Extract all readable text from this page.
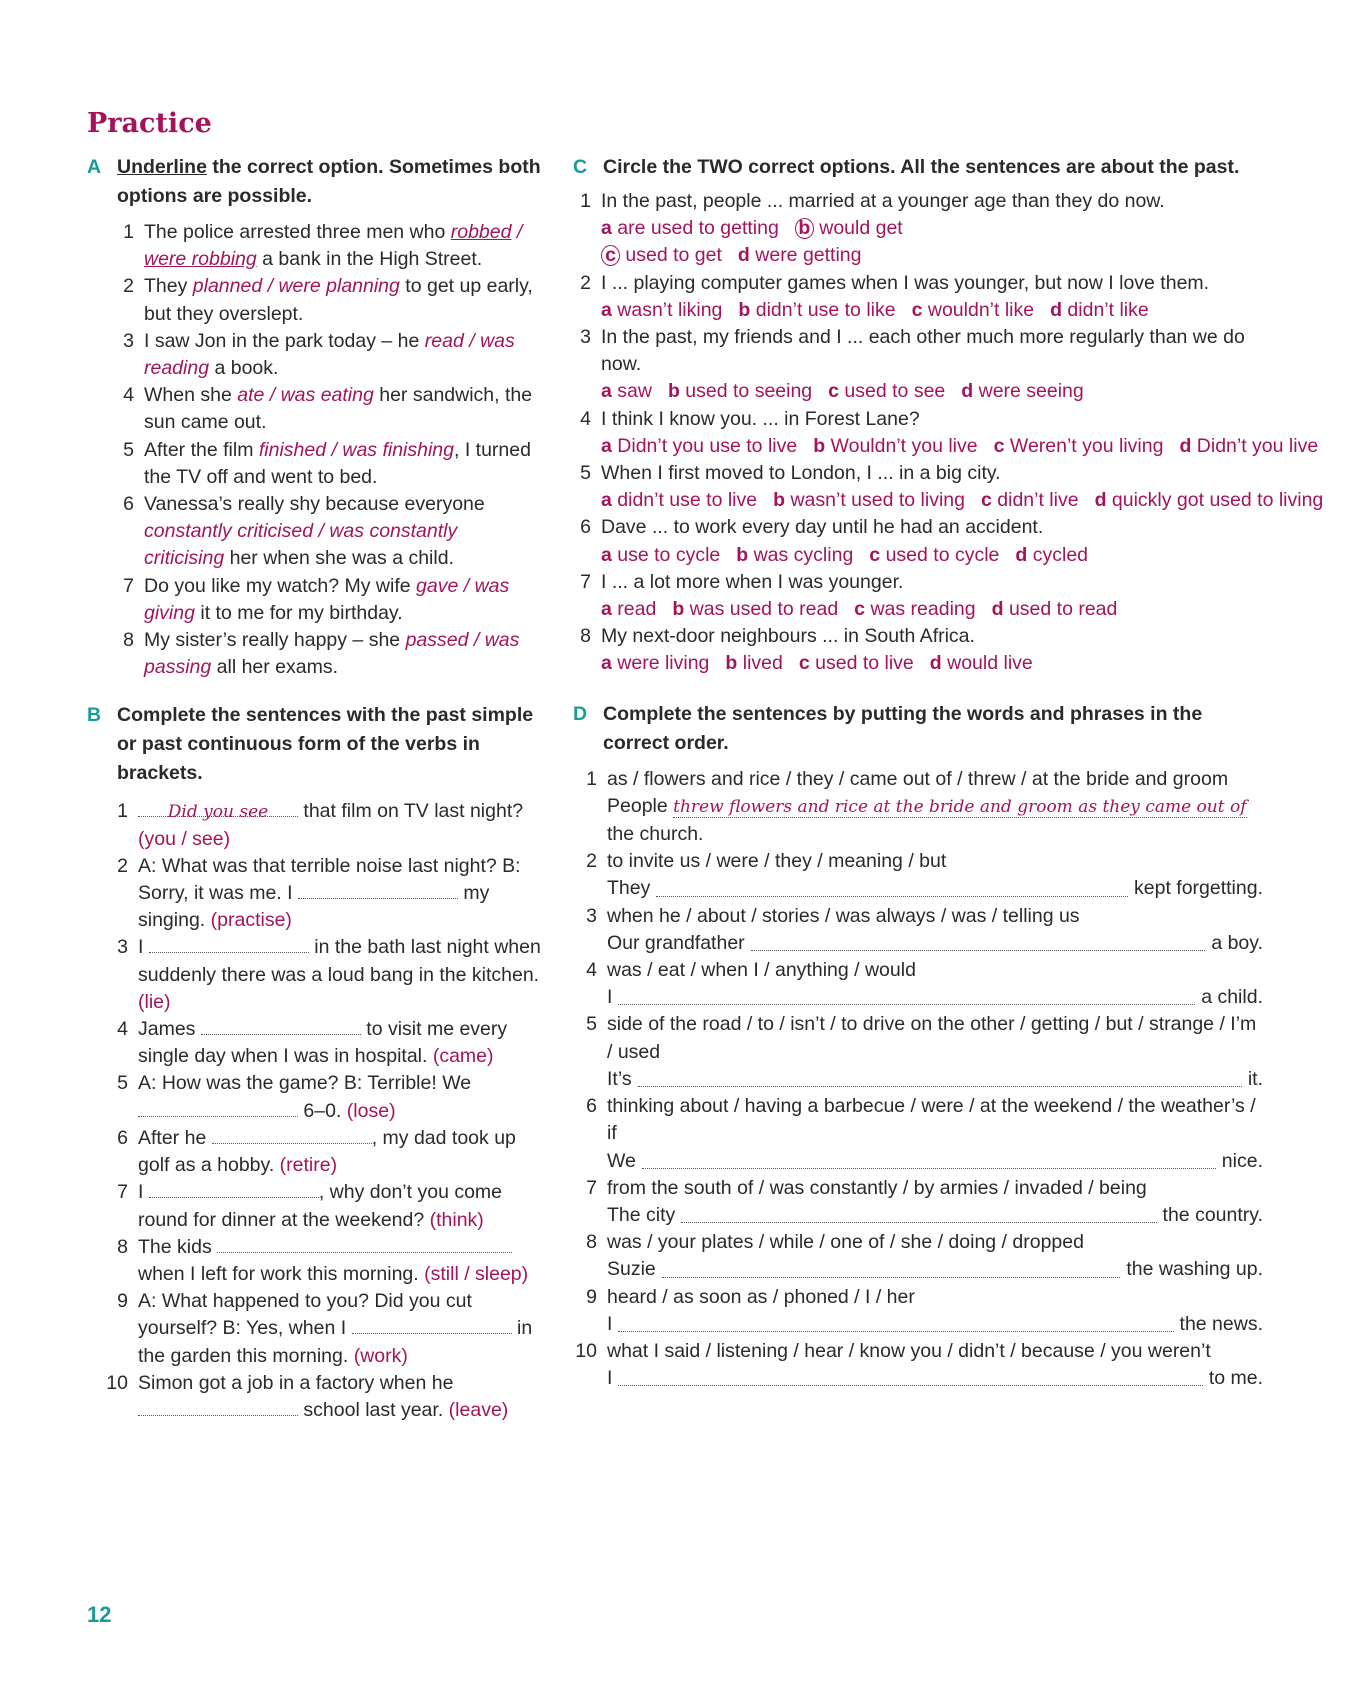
Practice
A Underline the correct option. Sometimes both options are possible.
1 The police arrested three men who robbed / were robbing a bank in the High Street.
2 They planned / were planning to get up early, but they overslept.
3 I saw Jon in the park today – he read / was reading a book.
4 When she ate / was eating her sandwich, the sun came out.
5 After the film finished / was finishing, I turned the TV off and went to bed.
6 Vanessa’s really shy because everyone constantly criticised / was constantly criticising her when she was a child.
7 Do you like my watch? My wife gave / was giving it to me for my birthday.
8 My sister’s really happy – she passed / was passing all her exams.
B Complete the sentences with the past simple or past continuous form of the verbs in brackets.
1	Did you see that film on TV last night? (you / see)
2 A: What was that terrible noise last night? B: Sorry, it was me. I	my singing. (practise)
3 I	in the bath last night when suddenly there was a loud bang in the kitchen. (lie)
4 James	to visit me every single day when I was in hospital. (came)
5 A: How was the game? B: Terrible! We  6–0. (lose)
6 After he	, my dad took up golf as a hobby. (retire)
7 I	, why don’t you come round for dinner at the weekend? (think)
8 The kids  when I left for work this morning. (still / sleep)
9 A: What happened to you? Did you cut yourself? B: Yes, when I	in the garden this morning. (work)
10 Simon got a job in a factory when he  school last year. (leave)
C Circle the TWO correct options. All the sentences are about the past.
1 In the past, people ... married at a younger age than they do now.
a are used to getting b would getc used to get d were getting
2 I ... playing computer games when I was younger, but now I love them.
a wasn’t liking b didn’t use to like c wouldn’t like d didn’t like
3 In the past, my friends and I ... each other much more regularly than we do now.
a saw b used to seeing c used to see d were seeing
4 I think I know you. ... in Forest Lane?
a Didn’t you use to live b Wouldn’t you live c Weren’t you living d Didn’t you live
5 When I first moved to London, I ... in a big city.
a didn’t use to live b wasn’t used to living c didn’t live d quickly got used to living
6 Dave ... to work every day until he had an accident.
a use to cycle b was cycling c used to cycle d cycled
7 I ... a lot more when I was younger.
a read b was used to read c was reading d used to read
8 My next-door neighbours ... in South Africa.
a were living b lived c used to live d would live
D Complete the sentences by putting the words and phrases in the correct order.
1 as / flowers and rice / they / came out of / threw / at the bride and groom
People threw flowers and rice at the bride and groom as they came out of
the church.
2 to invite us / were / they / meaning / but
They	kept forgetting.
3 when he / about / stories / was always / was / telling us
Our grandfather	a boy.
4 was / eat / when I / anything / would
I	a child.
5 side of the road / to / isn’t / to drive on the other / getting / but / strange / I’m / used
It’s	it.
6 thinking about / having a barbecue / were / at the weekend / the weather’s / if
We	nice.
7 from the south of / was constantly / by armies / invaded / being
The city	the country.
8 was / your plates / while / one of / she / doing / dropped
Suzie	the washing up.
9 heard / as soon as / phoned / I / her
I	the news.
10 what I said / listening / hear / know you / didn’t / because / you weren’t
I	to me.
12
